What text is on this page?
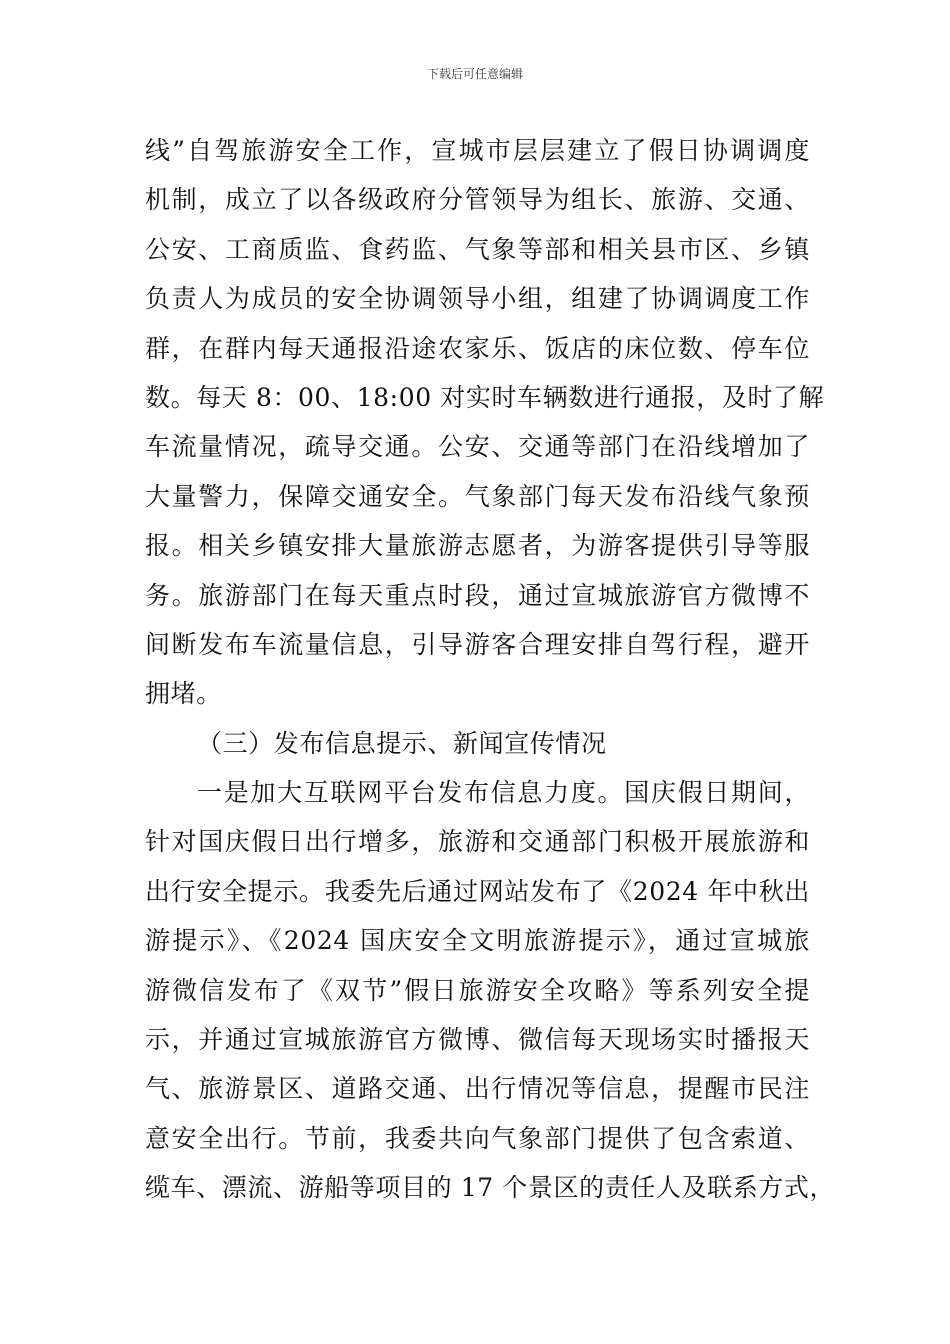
下载后可任意编辑
线”自驾旅游安全工作，宣城市层层建立了假日协调调度
机制，成立了以各级政府分管领导为组长、旅游、交通、
公安、工商质监、食药监、气象等部和相关县市区、乡镇
负责人为成员的安全协调领导小组，组建了协调调度工作
群，在群内每天通报沿途农家乐、饭店的床位数、停车位
数。每天 8：00、18:00 对实时车辆数进行通报，及时了解
车流量情况，疏导交通。公安、交通等部门在沿线增加了
大量警力，保障交通安全。气象部门每天发布沿线气象预
报。相关乡镇安排大量旅游志愿者，为游客提供引导等服
务。旅游部门在每天重点时段，通过宣城旅游官方微博不
间断发布车流量信息，引导游客合理安排自驾行程，避开
拥堵。
（三）发布信息提示、新闻宣传情况
一是加大互联网平台发布信息力度。国庆假日期间，
针对国庆假日出行增多，旅游和交通部门积极开展旅游和
出行安全提示。我委先后通过网站发布了《2024 年中秋出
游提示》、《2024 国庆安全文明旅游提示》，通过宣城旅
游微信发布了《双节”假日旅游安全攻略》等系列安全提
示，并通过宣城旅游官方微博、微信每天现场实时播报天
气、旅游景区、道路交通、出行情况等信息，提醒市民注
意安全出行。节前，我委共向气象部门提供了包含索道、
缆车、漂流、游船等项目的 17 个景区的责任人及联系方式，
